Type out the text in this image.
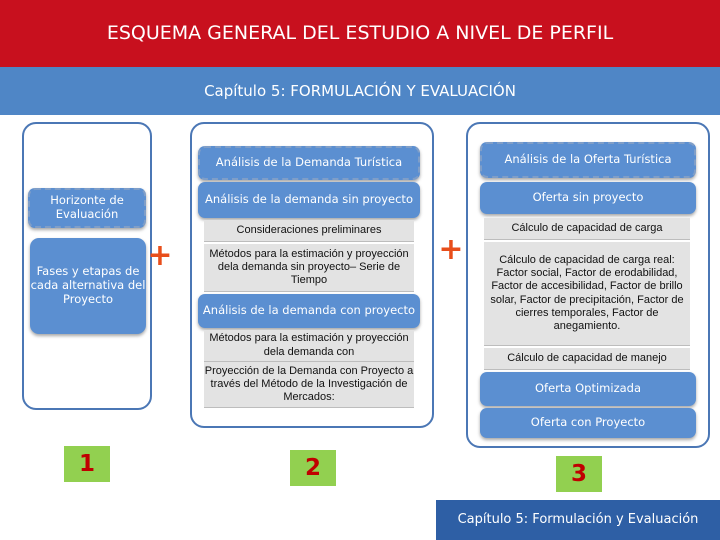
ESQUEMA GENERAL DEL ESTUDIO A NIVEL DE PERFIL
Capítulo 5: FORMULACIÓN Y EVALUACIÓN
Horizonte de Evaluación
Fases y etapas de cada alternativa del Proyecto
+
Análisis de la Demanda Turística
Análisis de la demanda sin proyecto
Consideraciones preliminares
Métodos para la estimación y proyección dela demanda sin proyecto– Serie de Tiempo
Análisis de la demanda con proyecto
Métodos para la estimación y proyección dela demanda con
Proyección de la Demanda con Proyecto a través del Método de la Investigación de Mercados:
+
Análisis de la Oferta Turística
Oferta sin proyecto
Cálculo de capacidad de carga
Cálculo de capacidad de carga real: Factor social, Factor de erodabilidad, Factor de accesibilidad, Factor de brillo solar, Factor de precipitación, Factor de cierres temporales, Factor de anegamiento.
Cálculo de capacidad de manejo
Oferta Optimizada
Oferta con Proyecto
1	2	3
Capítulo 5: Formulación y Evaluación
